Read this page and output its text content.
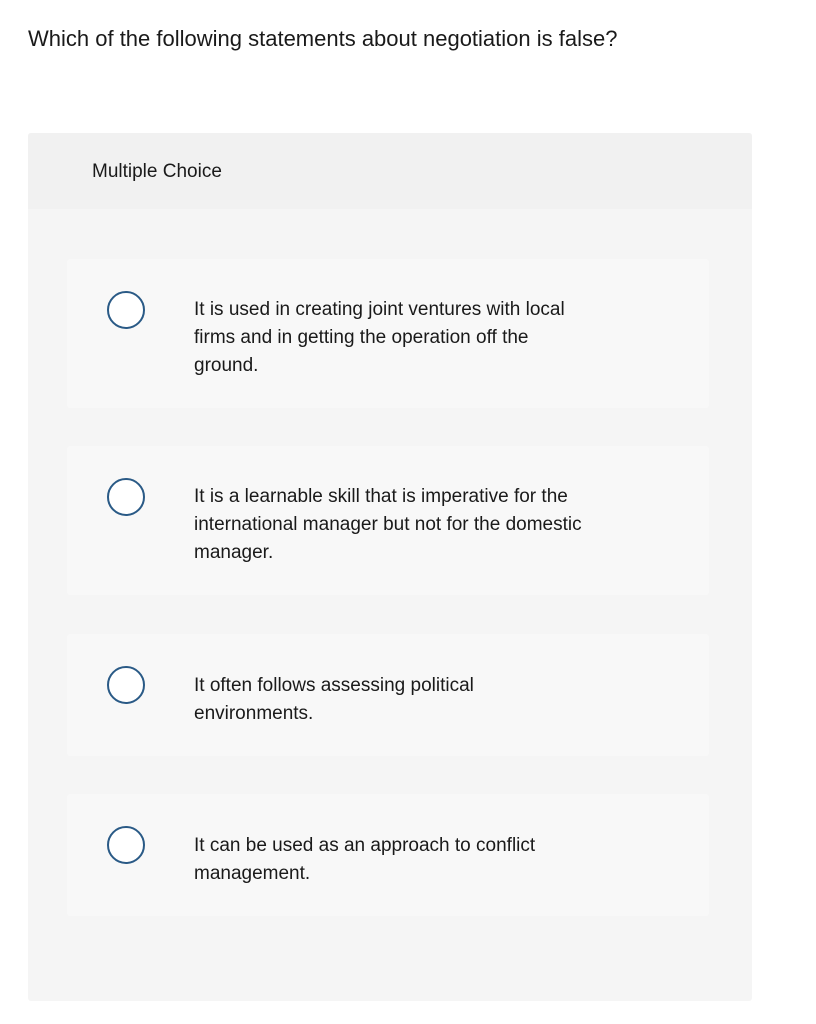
Which of the following statements about negotiation is false?
Multiple Choice
It is used in creating joint ventures with local firms and in getting the operation off the ground.
It is a learnable skill that is imperative for the international manager but not for the domestic manager.
It often follows assessing political environments.
It can be used as an approach to conflict management.
